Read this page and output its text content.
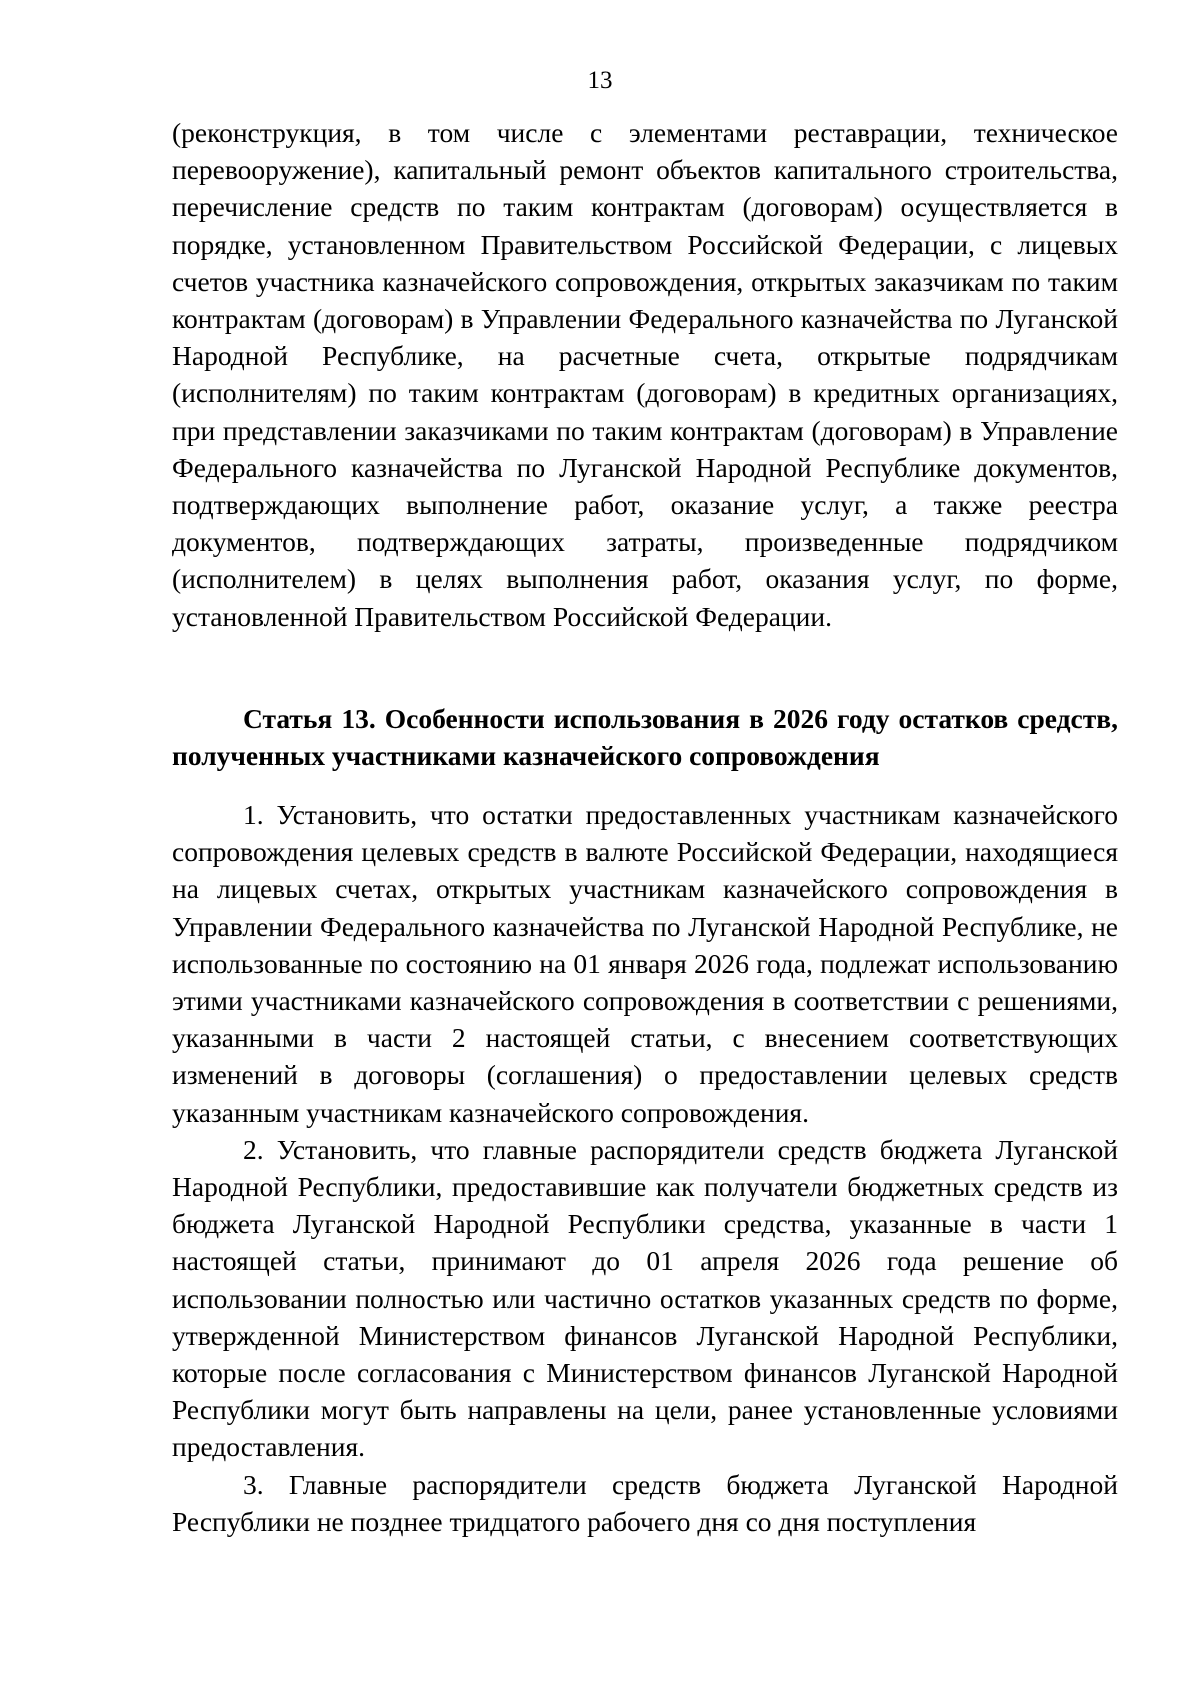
13

(реконструкция, в том числе с элементами реставрации, техническое перевооружение), капитальный ремонт объектов капитального строительства, перечисление средств по таким контрактам (договорам) осуществляется в порядке, установленном Правительством Российской Федерации, с лицевых счетов участника казначейского сопровождения, открытых заказчикам по таким контрактам (договорам) в Управлении Федерального казначейства по Луганской Народной Республике, на расчетные счета, открытые подрядчикам (исполнителям) по таким контрактам (договорам) в кредитных организациях, при представлении заказчиками по таким контрактам (договорам) в Управление Федерального казначейства по Луганской Народной Республике документов, подтверждающих выполнение работ, оказание услуг, а также реестра документов, подтверждающих затраты, произведенные подрядчиком (исполнителем) в целях выполнения работ, оказания услуг, по форме, установленной Правительством Российской Федерации.

Статья 13. Особенности использования в 2026 году остатков средств, полученных участниками казначейского сопровождения

1. Установить, что остатки предоставленных участникам казначейского сопровождения целевых средств в валюте Российской Федерации, находящиеся на лицевых счетах, открытых участникам казначейского сопровождения в Управлении Федерального казначейства по Луганской Народной Республике, не использованные по состоянию на 01 января 2026 года, подлежат использованию этими участниками казначейского сопровождения в соответствии с решениями, указанными в части 2 настоящей статьи, с внесением соответствующих изменений в договоры (соглашения) о предоставлении целевых средств указанным участникам казначейского сопровождения.

2. Установить, что главные распорядители средств бюджета Луганской Народной Республики, предоставившие как получатели бюджетных средств из бюджета Луганской Народной Республики средства, указанные в части 1 настоящей статьи, принимают до 01 апреля 2026 года решение об использовании полностью или частично остатков указанных средств по форме, утвержденной Министерством финансов Луганской Народной Республики, которые после согласования с Министерством финансов Луганской Народной Республики могут быть направлены на цели, ранее установленные условиями предоставления.

3. Главные распорядители средств бюджета Луганской Народной Республики не позднее тридцатого рабочего дня со дня поступления
